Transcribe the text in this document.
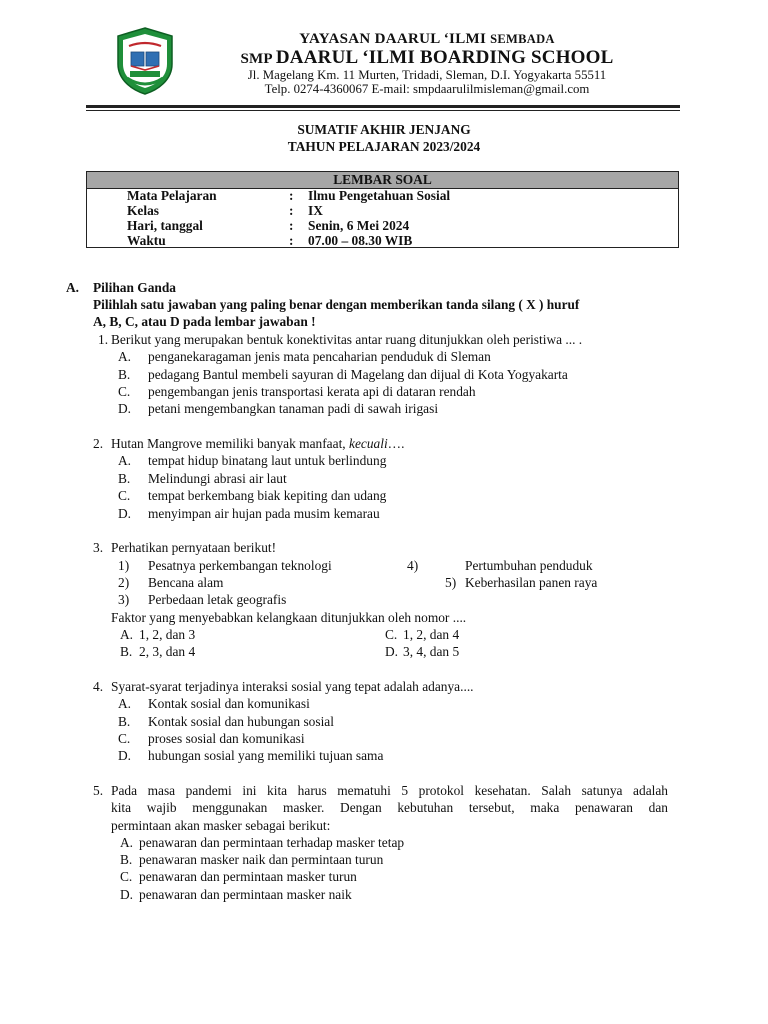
YAYASAN DAARUL ‘ILMI SEMBADA
SMP DAARUL ‘ILMI BOARDING SCHOOL
Jl. Magelang Km. 11 Murten, Tridadi, Sleman, D.I. Yogyakarta 55511
Telp. 0274-4360067 E-mail: smpdaarulilmisleman@gmail.com
SUMATIF AKHIR JENJANG
TAHUN PELAJARAN 2023/2024
LEMBAR SOAL
Mata Pelajaran	:	Ilmu Pengetahuan Sosial
Kelas	:	IX
Hari, tanggal	:	Senin, 6 Mei 2024
Waktu	:	07.00 – 08.30 WIB
A. Pilihan Ganda
Pilihlah satu jawaban yang paling benar dengan memberikan tanda silang ( X ) huruf
A, B, C, atau D pada lembar jawaban !
1. Berikut yang merupakan bentuk konektivitas antar ruang ditunjukkan oleh peristiwa ... .
A. penganekaragaman jenis mata pencaharian penduduk di Sleman
B. pedagang Bantul membeli sayuran di Magelang dan dijual di Kota Yogyakarta
C. pengembangan jenis transportasi kerata api di dataran rendah
D. petani mengembangkan tanaman padi di sawah irigasi
2. Hutan Mangrove memiliki banyak manfaat, kecuali….
A. tempat hidup binatang laut untuk berlindung
B. Melindungi abrasi air laut
C. tempat berkembang biak kepiting dan udang
D. menyimpan air hujan pada musim kemarau
3. Perhatikan pernyataan berikut!
1) Pesatnya perkembangan teknologi
2) Bencana alam
3) Perbedaan letak geografis
4)	Pertumbuhan penduduk
5) Keberhasilan panen raya
Faktor yang menyebabkan kelangkaan ditunjukkan oleh nomor ....
A. 1, 2, dan 3
B. 2, 3, dan 4
C. 1, 2, dan 4
D. 3, 4, dan 5
4. Syarat-syarat terjadinya interaksi sosial yang tepat adalah adanya....
A. Kontak sosial dan komunikasi
B. Kontak sosial dan hubungan sosial
C. proses sosial dan komunikasi
D. hubungan sosial yang memiliki tujuan sama
5. Pada masa pandemi ini kita harus mematuhi 5 protokol kesehatan. Salah satunya adalah
kita wajib menggunakan masker. Dengan kebutuhan tersebut, maka penawaran dan
permintaan akan masker sebagai berikut:
A. penawaran dan permintaan terhadap masker tetap
B. penawaran masker naik dan permintaan turun
C. penawaran dan permintaan masker turun
D. penawaran dan permintaan masker naik
